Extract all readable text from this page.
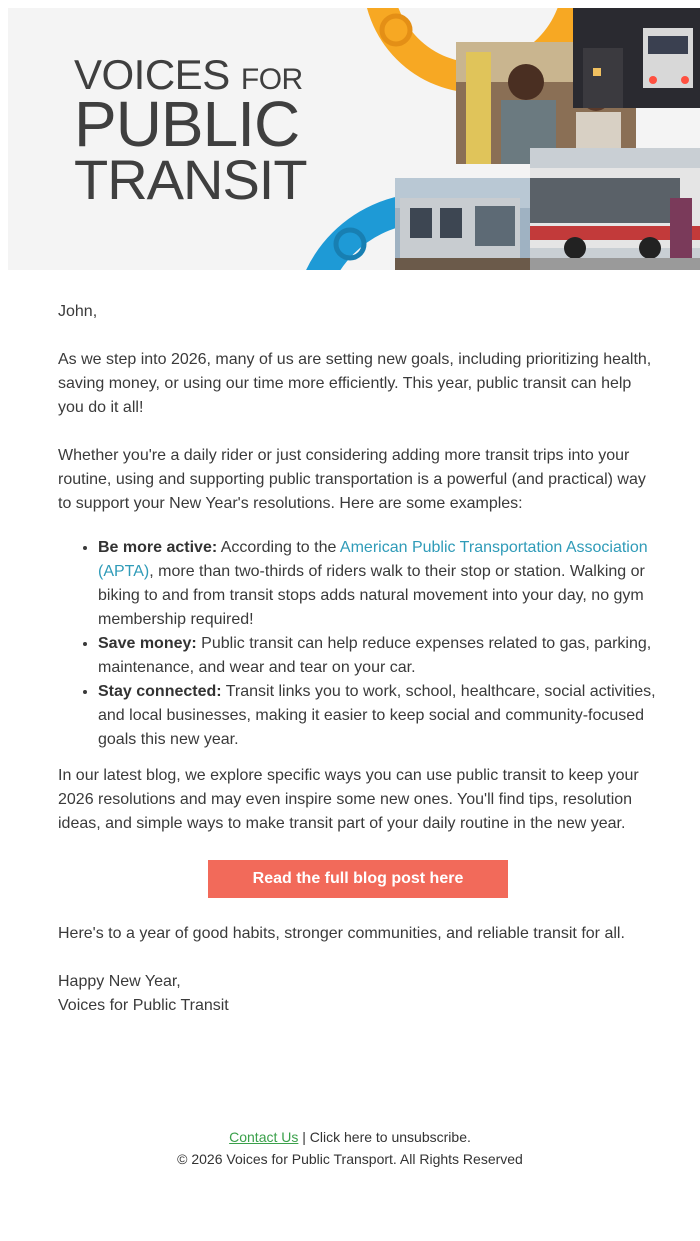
VOICES FOR
PUBLIC
TRANSIT

John,

As we step into 2026, many of us are setting new goals, including prioritizing health, saving money, or using our time more efficiently. This year, public transit can help you do it all!

Whether you're a daily rider or just considering adding more transit trips into your routine, using and supporting public transportation is a powerful (and practical) way to support your New Year's resolutions. Here are some examples:

• Be more active: According to the American Public Transportation Association (APTA), more than two-thirds of riders walk to their stop or station. Walking or biking to and from transit stops adds natural movement into your day, no gym membership required!
• Save money: Public transit can help reduce expenses related to gas, parking, maintenance, and wear and tear on your car.
• Stay connected: Transit links you to work, school, healthcare, social activities, and local businesses, making it easier to keep social and community-focused goals this new year.

In our latest blog, we explore specific ways you can use public transit to keep your 2026 resolutions and may even inspire some new ones. You'll find tips, resolution ideas, and simple ways to make transit part of your daily routine in the new year.

Read the full blog post here

Here's to a year of good habits, stronger communities, and reliable transit for all.

Happy New Year,
Voices for Public Transit

Contact Us | Click here to unsubscribe.
© 2026 Voices for Public Transport. All Rights Reserved
